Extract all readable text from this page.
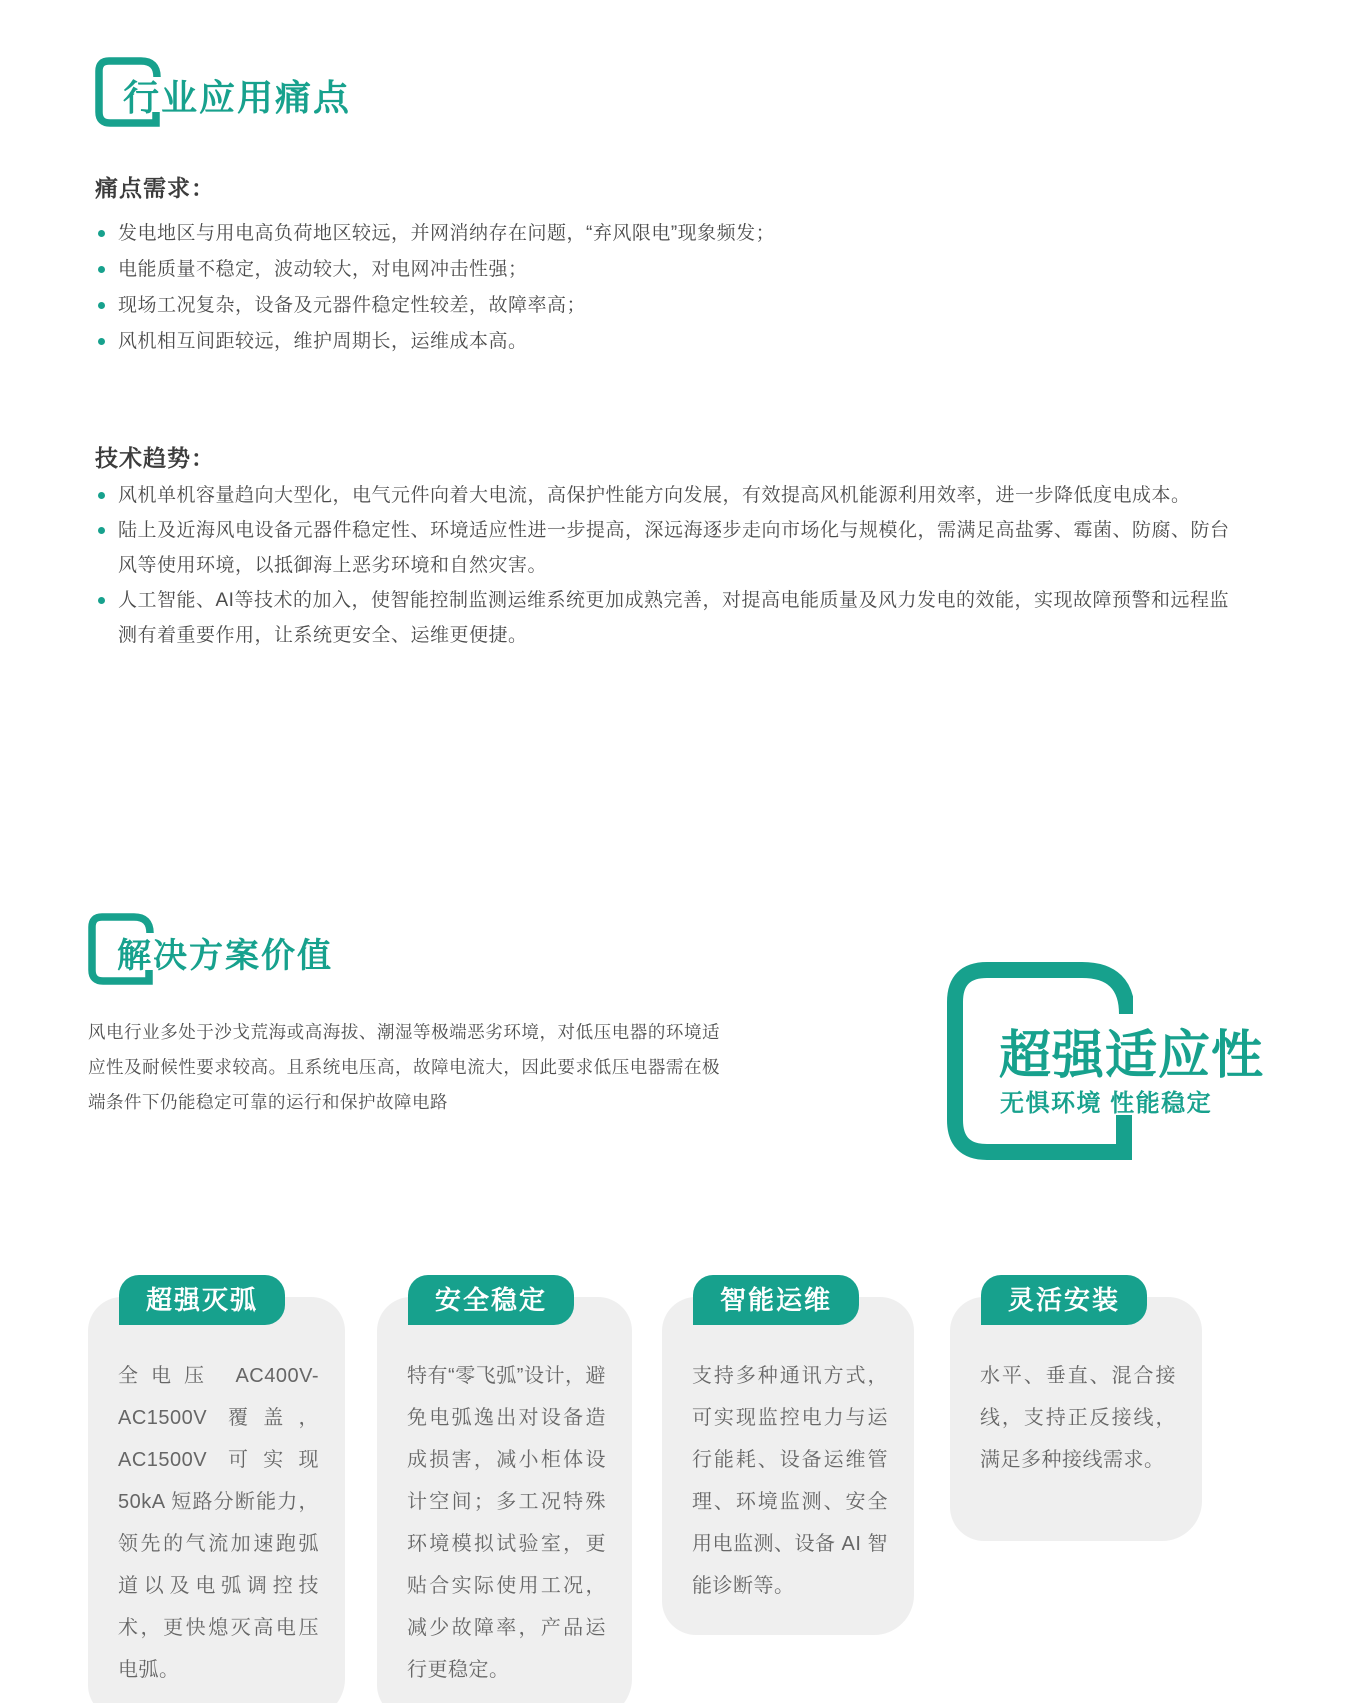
行业应用痛点
痛点需求：
发电地区与用电高负荷地区较远，并网消纳存在问题，“弃风限电”现象频发；
电能质量不稳定，波动较大，对电网冲击性强；
现场工况复杂，设备及元器件稳定性较差，故障率高；
风机相互间距较远，维护周期长，运维成本高。
技术趋势：
风机单机容量趋向大型化，电气元件向着大电流，高保护性能方向发展，有效提高风机能源利用效率，进一步降低度电成本。
陆上及近海风电设备元器件稳定性、环境适应性进一步提高，深远海逐步走向市场化与规模化，需满足高盐雾、霉菌、防腐、防台风等使用环境，以抵御海上恶劣环境和自然灾害。
人工智能、AI等技术的加入，使智能控制监测运维系统更加成熟完善，对提高电能质量及风力发电的效能，实现故障预警和远程监测有着重要作用，让系统更安全、运维更便捷。
解决方案价值

风电行业多处于沙戈荒海或高海拔、潮湿等极端恶劣环境，对低压电器的环境适应性及耐候性要求较高。且系统电压高，故障电流大，因此要求低压电器需在极端条件下仍能稳定可靠的运行和保护故障电路

超强适应性
无惧环境 性能稳定
超强灭弧
全电压 AC400V-AC1500V 覆盖，AC1500V 可实现 50kA 短路分断能力，领先的气流加速跑弧道以及电弧调控技术，更快熄灭高电压电弧。
安全稳定
特有“零飞弧”设计，避免电弧逸出对设备造成损害，减小柜体设计空间；多工况特殊环境模拟试验室，更贴合实际使用工况，减少故障率，产品运行更稳定。
智能运维
支持多种通讯方式，可实现监控电力与运行能耗、设备运维管理、环境监测、安全用电监测、设备 AI 智能诊断等。
灵活安装
水平、垂直、混合接线，支持正反接线，满足多种接线需求。
